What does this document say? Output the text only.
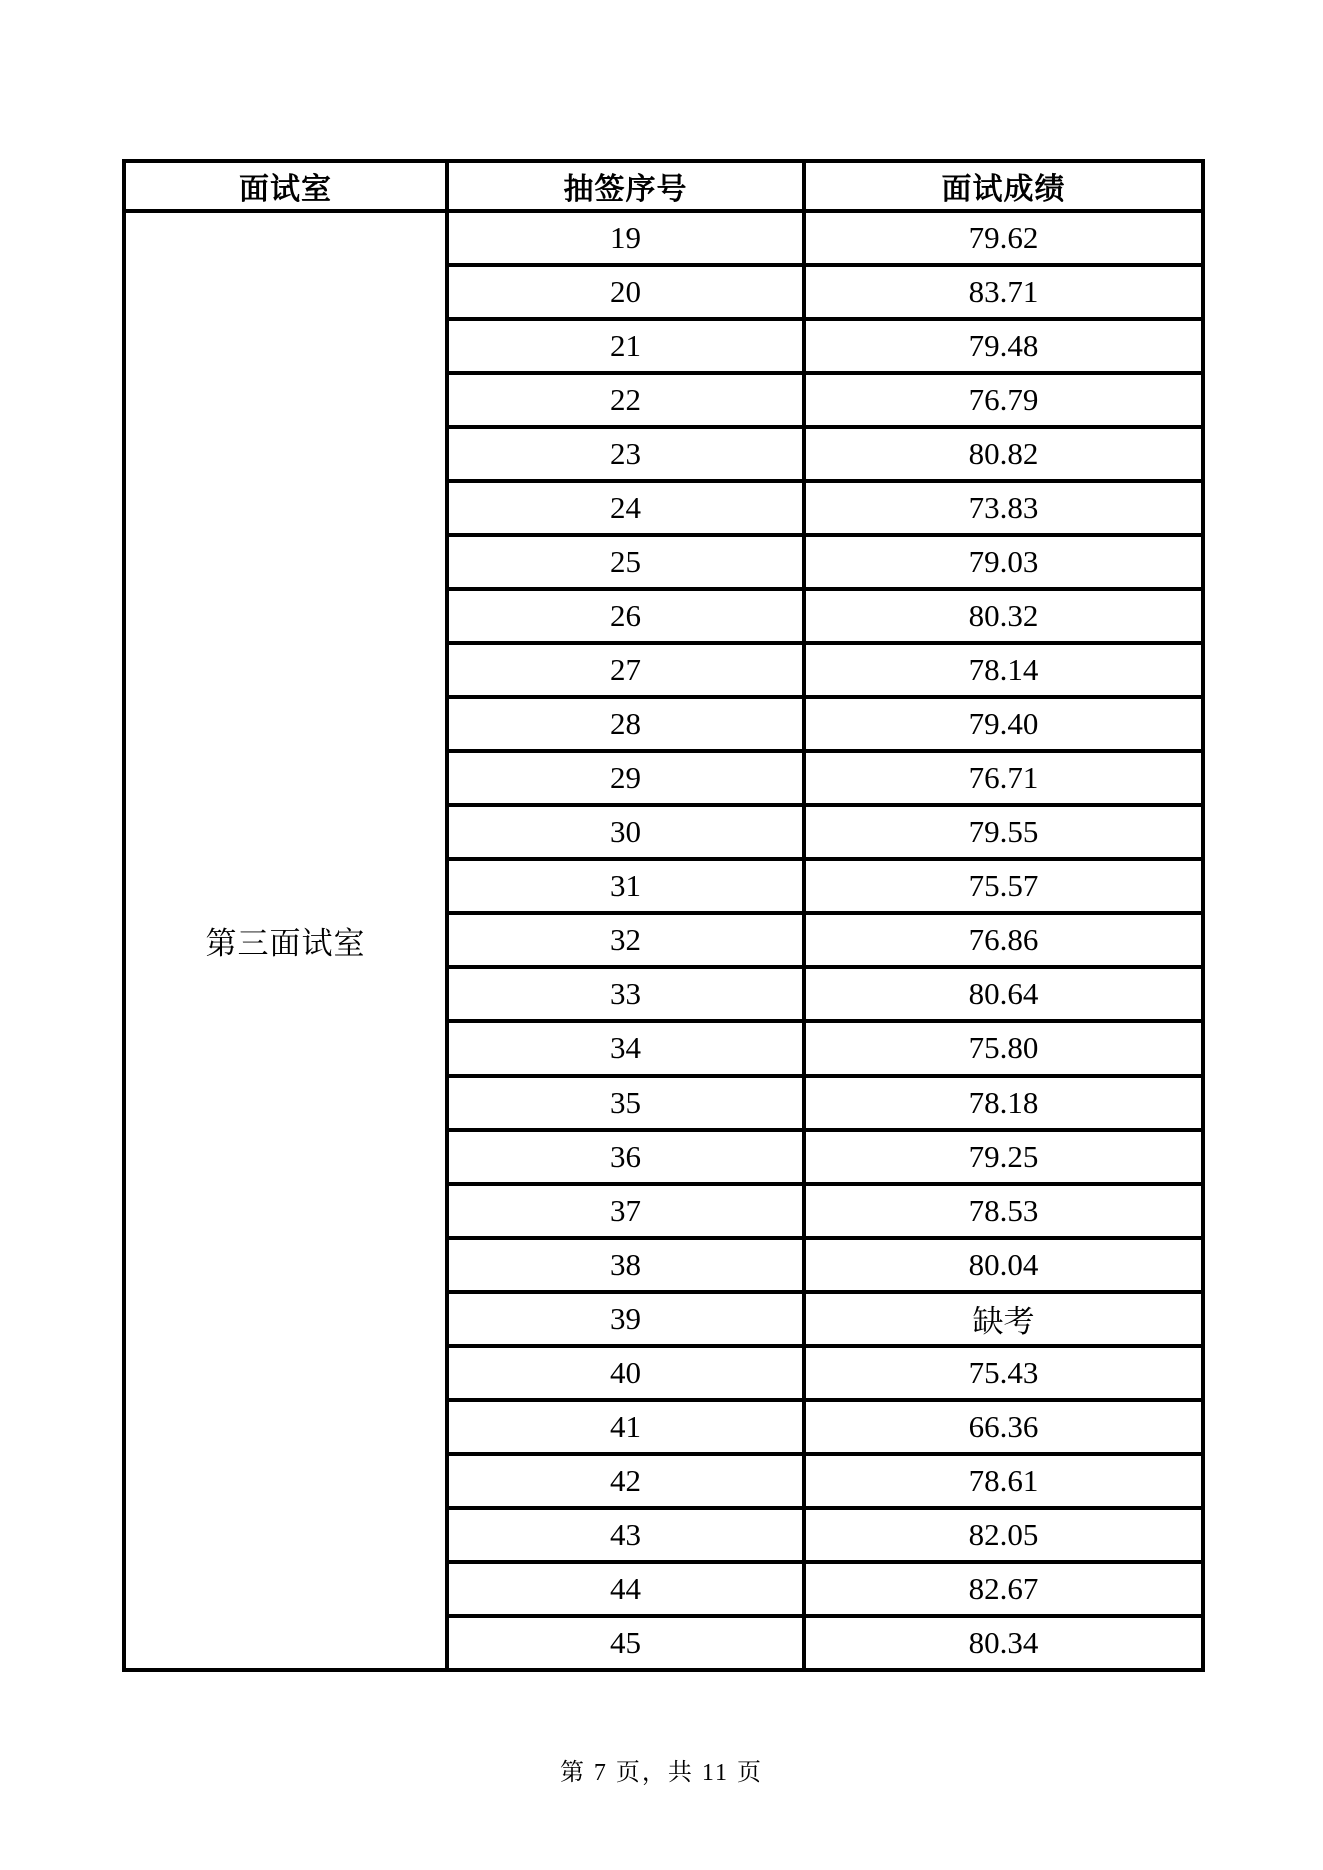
面试室	抽签序号	面试成绩
第三面试室	19	79.62
	20	83.71
	21	79.48
	22	76.79
	23	80.82
	24	73.83
	25	79.03
	26	80.32
	27	78.14
	28	79.40
	29	76.71
	30	79.55
	31	75.57
	32	76.86
	33	80.64
	34	75.80
	35	78.18
	36	79.25
	37	78.53
	38	80.04
	39	缺考
	40	75.43
	41	66.36
	42	78.61
	43	82.05
	44	82.67
	45	80.34
第 7 页，共 11 页
